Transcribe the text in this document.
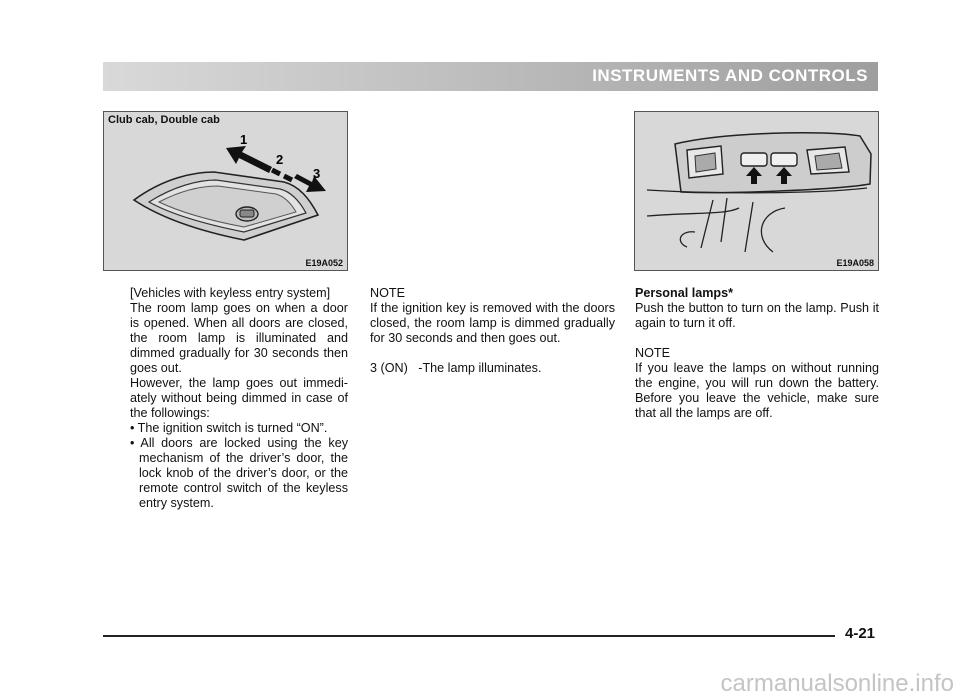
INSTRUMENTS AND CONTROLS
1
2
3
Club cab, Double cab
E19A052	E19A058

[Vehicles with keyless entry system]

The room lamp goes on when a door is opened. When all doors are closed, the room lamp is illuminated and dimmed gradually for 30 seconds then goes out.

However, the lamp goes out immedi-ately without being dimmed in case of the followings:

• The ignition switch is turned “ON”.

• All doors are locked using the key mechanism of the driver’s door, the lock knob of the driver’s door, or the remote control switch of the keyless entry system.

NOTE

If the ignition key is removed with the doors closed, the room lamp is dimmed gradually for 30 seconds and then goes out.

3 (ON) -The lamp illuminates.

Personal lamps*

Push the button to turn on the lamp. Push it again to turn it off.

NOTE

If you leave the lamps on without running the engine, you will run down the battery. Before you leave the vehicle, make sure that all the lamps are off.

4-21
carmanualsonline.info
